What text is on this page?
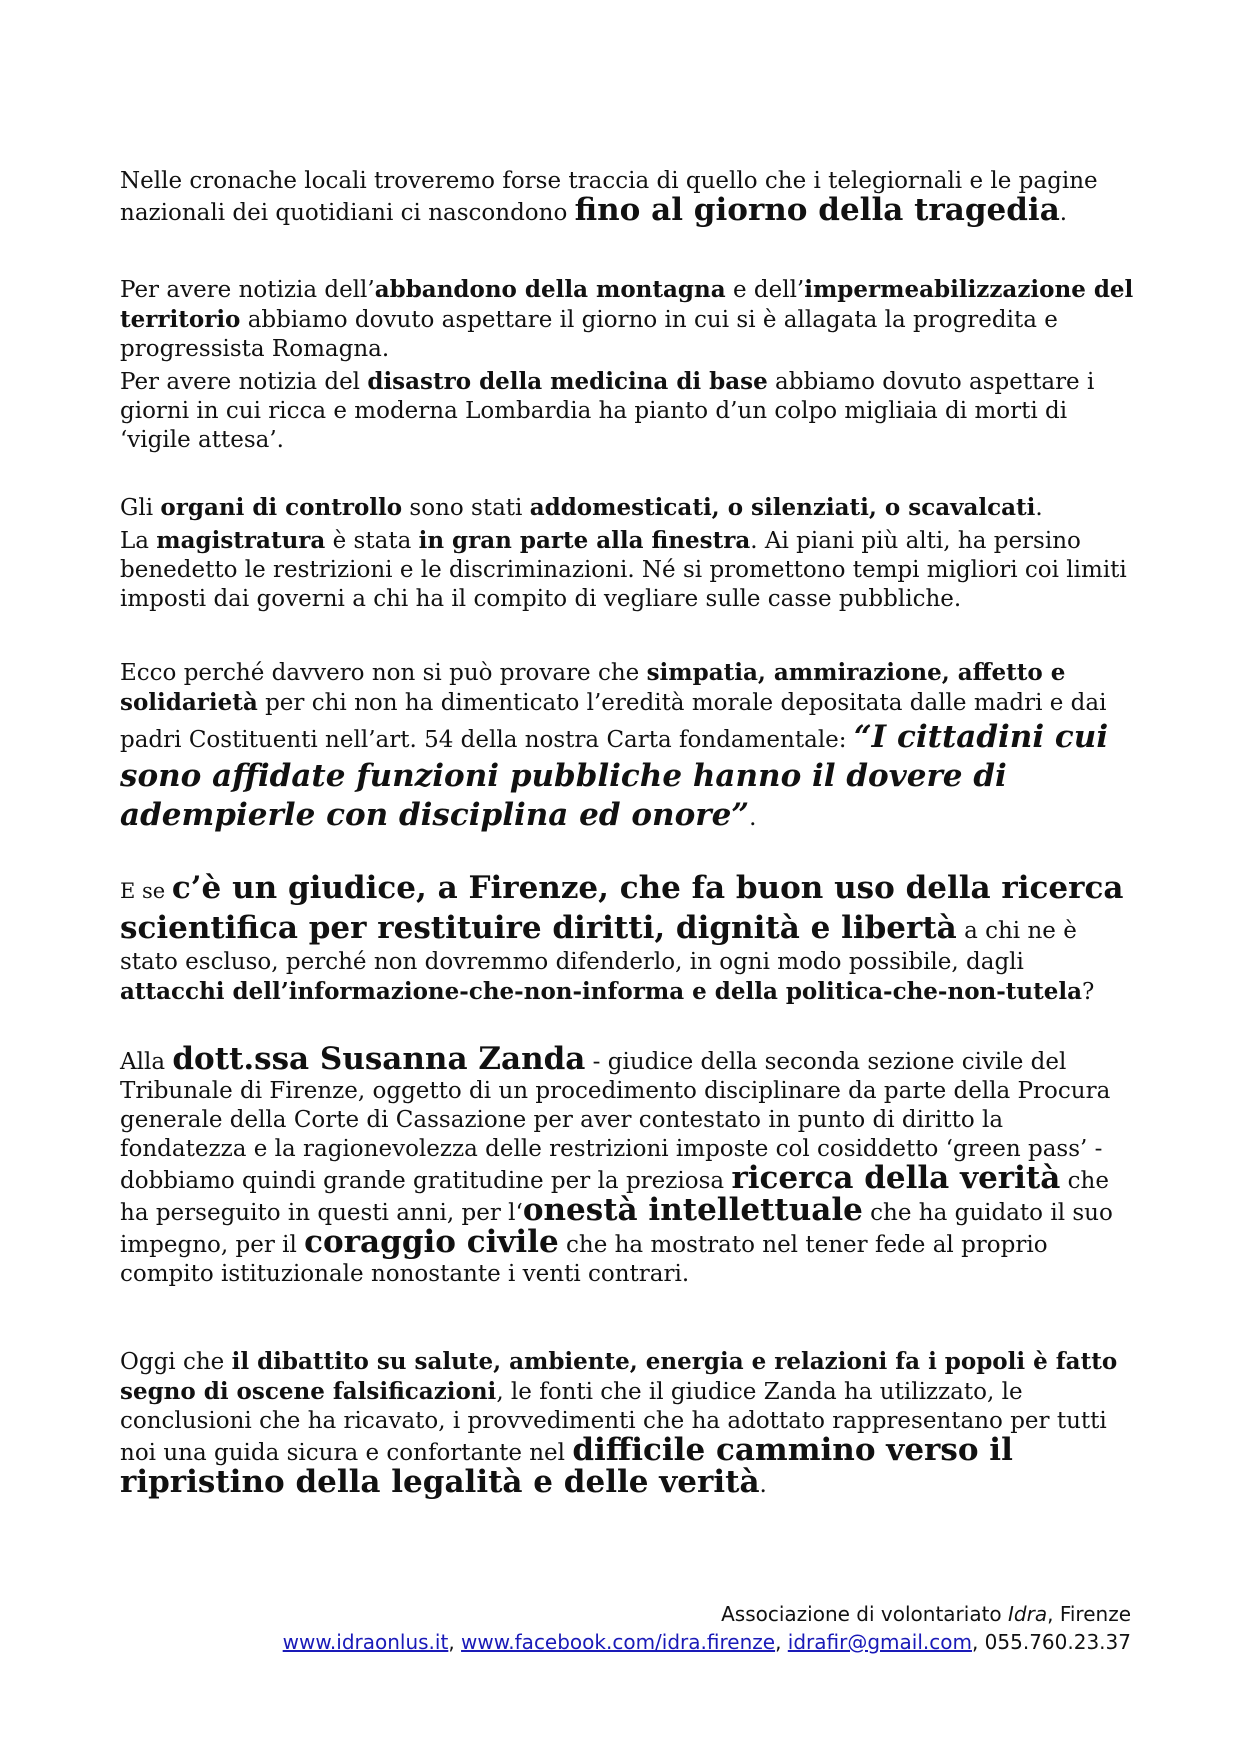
Nelle cronache locali troveremo forse traccia di quello che i telegiornali e le pagine nazionali dei quotidiani ci nascondono fino al giorno della tragedia.

Per avere notizia dell’abbandono della montagna e dell’impermeabilizzazione del territorio abbiamo dovuto aspettare il giorno in cui si è allagata la progredita e progressista Romagna.

Per avere notizia del disastro della medicina di base abbiamo dovuto aspettare i giorni in cui ricca e moderna Lombardia ha pianto d’un colpo migliaia di morti di ‘vigile attesa’.

Gli organi di controllo sono stati addomesticati, o silenziati, o scavalcati.

La magistratura è stata in gran parte alla finestra. Ai piani più alti, ha persino benedetto le restrizioni e le discriminazioni. Né si promettono tempi migliori coi limiti imposti dai governi a chi ha il compito di vegliare sulle casse pubbliche.

Ecco perché davvero non si può provare che simpatia, ammirazione, affetto e solidarietà per chi non ha dimenticato l’eredità morale depositata dalle madri e dai padri Costituenti nell’art. 54 della nostra Carta fondamentale: “I cittadini cui sono affidate funzioni pubbliche hanno il dovere di adempierle con disciplina ed onore”.

E se c’è un giudice, a Firenze, che fa buon uso della ricerca scientifica per restituire diritti, dignità e libertà a chi ne è stato escluso, perché non dovremmo difenderlo, in ogni modo possibile, dagli attacchi dell’informazione-che-non-informa e della politica-che-non-tutela?

Alla dott.ssa Susanna Zanda - giudice della seconda sezione civile del Tribunale di Firenze, oggetto di un procedimento disciplinare da parte della Procura generale della Corte di Cassazione per aver contestato in punto di diritto la fondatezza e la ragionevolezza delle restrizioni imposte col cosiddetto ‘green pass’ - dobbiamo quindi grande gratitudine per la preziosa ricerca della verità che ha perseguito in questi anni, per l‘onestà intellettuale che ha guidato il suo impegno, per il coraggio civile che ha mostrato nel tener fede al proprio compito istituzionale nonostante i venti contrari.

Oggi che il dibattito su salute, ambiente, energia e relazioni fa i popoli è fatto segno di oscene falsificazioni, le fonti che il giudice Zanda ha utilizzato, le conclusioni che ha ricavato, i provvedimenti che ha adottato rappresentano per tutti noi una guida sicura e confortante nel difficile cammino verso il ripristino della legalità e delle verità.

Associazione di volontariato Idra, Firenze
www.idraonlus.it, www.facebook.com/idra.firenze, idrafir@gmail.com, 055.760.23.37
